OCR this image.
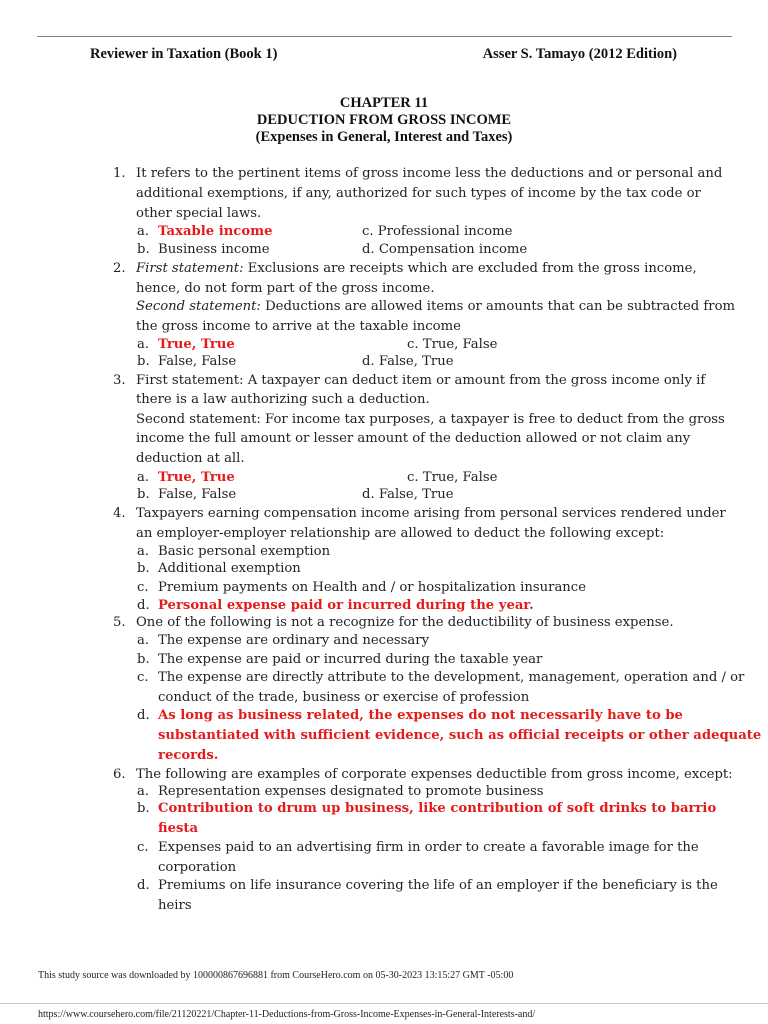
Reviewer in Taxation (Book 1)	Asser S. Tamayo (2012 Edition)
CHAPTER 11
DEDUCTION FROM GROSS INCOME
(Expenses in General, Interest and Taxes)
1. It refers to the pertinent items of gross income less the deductions and or personal and
additional exemptions, if any, authorized for such types of income by the tax code or
other special laws.
a. Taxable income	c. Professional income
b. Business income	d. Compensation income
2. First statement: Exclusions are receipts which are excluded from the gross income,
hence, do not form part of the gross income.
Second statement: Deductions are allowed items or amounts that can be subtracted from
the gross income to arrive at the taxable income
a. True, True	c. True, False
b. False, False	d. False, True
3. First statement: A taxpayer can deduct item or amount from the gross income only if
there is a law authorizing such a deduction.
Second statement: For income tax purposes, a taxpayer is free to deduct from the gross
income the full amount or lesser amount of the deduction allowed or not claim any
deduction at all.
a. True, True	c. True, False
b. False, False	d. False, True
4. Taxpayers earning compensation income arising from personal services rendered under
an employer-employer relationship are allowed to deduct the following except:
a. Basic personal exemption
b. Additional exemption
c. Premium payments on Health and / or hospitalization insurance
d. Personal expense paid or incurred during the year.
5. One of the following is not a recognize for the deductibility of business expense.
a. The expense are ordinary and necessary
b. The expense are paid or incurred during the taxable year
c. The expense are directly attribute to the development, management, operation and / or
conduct of the trade, business or exercise of profession
d. As long as business related, the expenses do not necessarily have to be
substantiated with sufficient evidence, such as official receipts or other adequate
records.
6. The following are examples of corporate expenses deductible from gross income, except:
a. Representation expenses designated to promote business
b. Contribution to drum up business, like contribution of soft drinks to barrio
fiesta
c. Expenses paid to an advertising firm in order to create a favorable image for the
corporation
d. Premiums on life insurance covering the life of an employer if the beneficiary is the
heirs
This study source was downloaded by 100000867696881 from CourseHero.com on 05-30-2023 13:15:27 GMT -05:00
https://www.coursehero.com/file/21120221/Chapter-11-Deductions-from-Gross-Income-Expenses-in-General-Interests-and/
